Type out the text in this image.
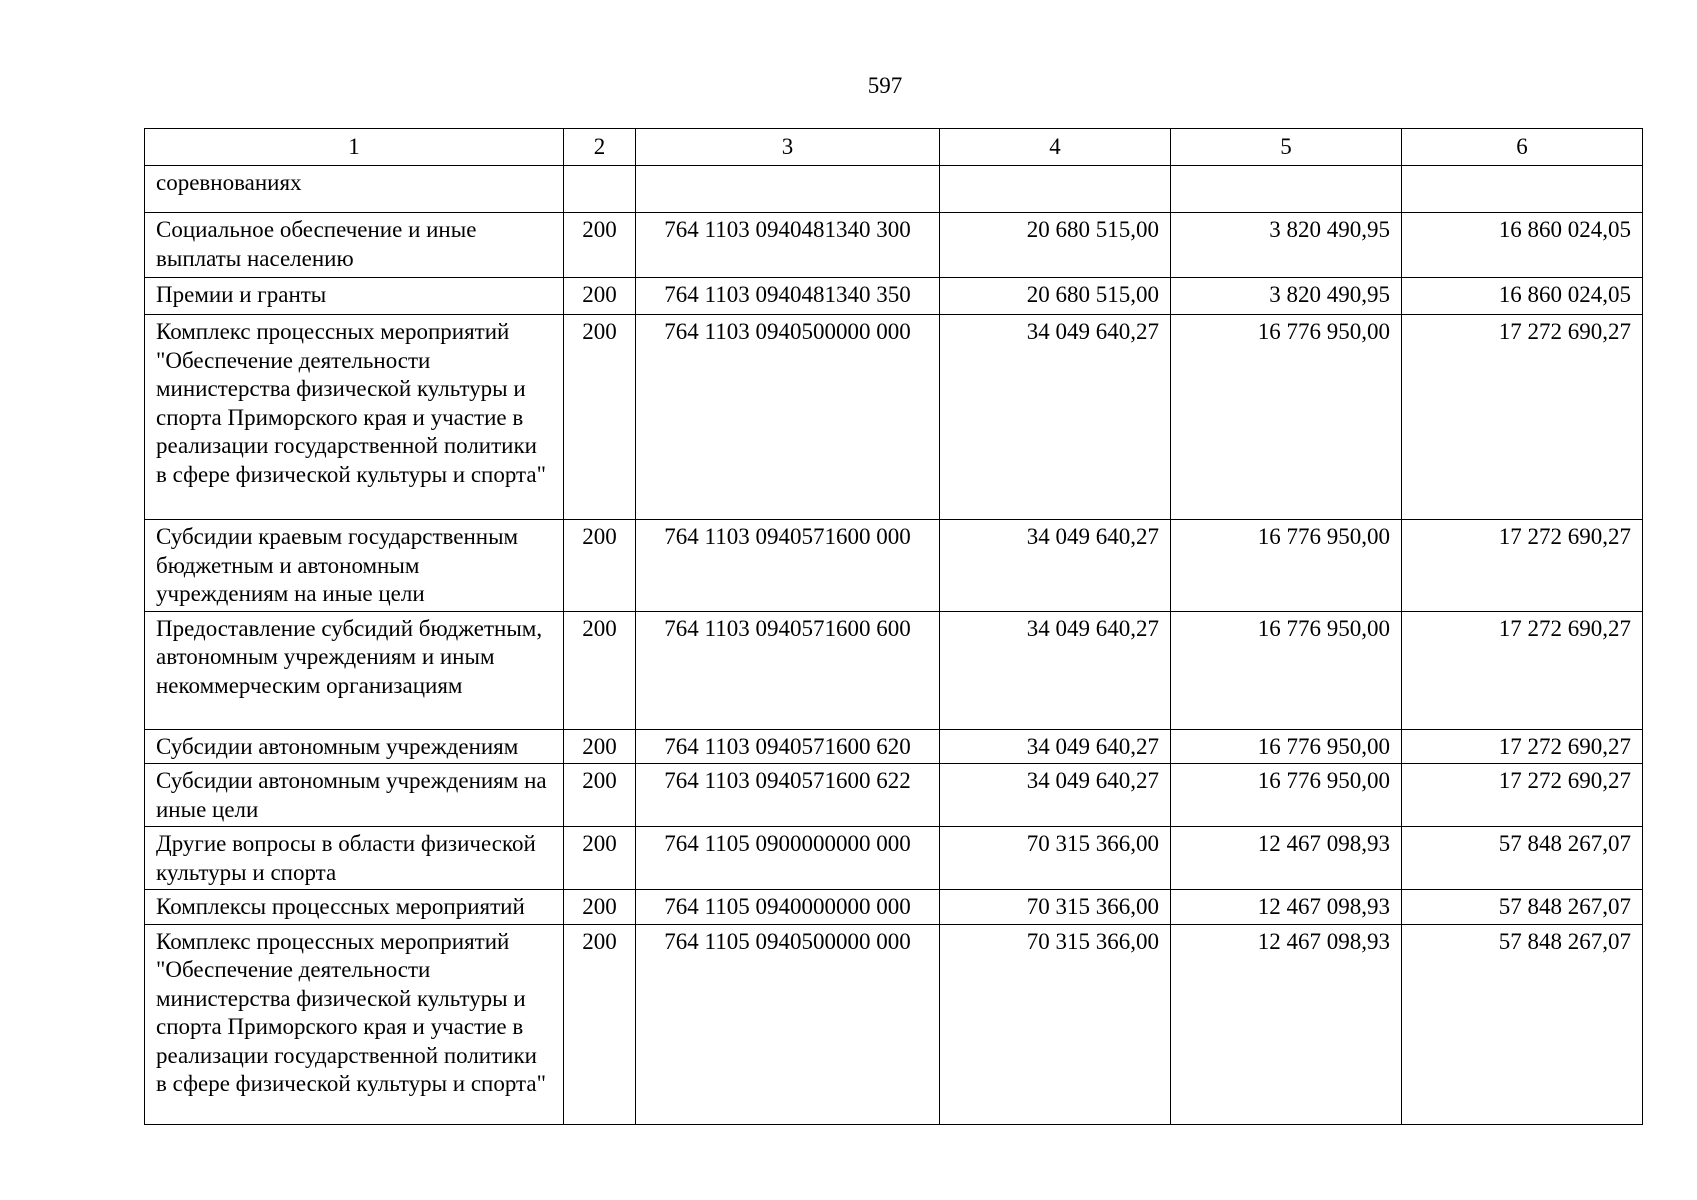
597
1	2	3	4	5	6
соревнованиях					
Социальное обеспечение и иные выплаты населению	200	764 1103 0940481340 300	20 680 515,00	3 820 490,95	16 860 024,05
Премии и гранты	200	764 1103 0940481340 350	20 680 515,00	3 820 490,95	16 860 024,05
Комплекс процессных мероприятий "Обеспечение деятельности министерства физической культуры и спорта Приморского края и участие в реализации государственной политики в сфере физической культуры и спорта"	200	764 1103 0940500000 000	34 049 640,27	16 776 950,00	17 272 690,27
Субсидии краевым государственным бюджетным и автономным учреждениям на иные цели	200	764 1103 0940571600 000	34 049 640,27	16 776 950,00	17 272 690,27
Предоставление субсидий бюджетным, автономным учреждениям и иным некоммерческим организациям	200	764 1103 0940571600 600	34 049 640,27	16 776 950,00	17 272 690,27
Субсидии автономным учреждениям	200	764 1103 0940571600 620	34 049 640,27	16 776 950,00	17 272 690,27
Субсидии автономным учреждениям на иные цели	200	764 1103 0940571600 622	34 049 640,27	16 776 950,00	17 272 690,27
Другие вопросы в области физической культуры и спорта	200	764 1105 0900000000 000	70 315 366,00	12 467 098,93	57 848 267,07
Комплексы процессных мероприятий	200	764 1105 0940000000 000	70 315 366,00	12 467 098,93	57 848 267,07
Комплекс процессных мероприятий "Обеспечение деятельности министерства физической культуры и спорта Приморского края и участие в реализации государственной политики в сфере физической культуры и спорта"	200	764 1105 0940500000 000	70 315 366,00	12 467 098,93	57 848 267,07
